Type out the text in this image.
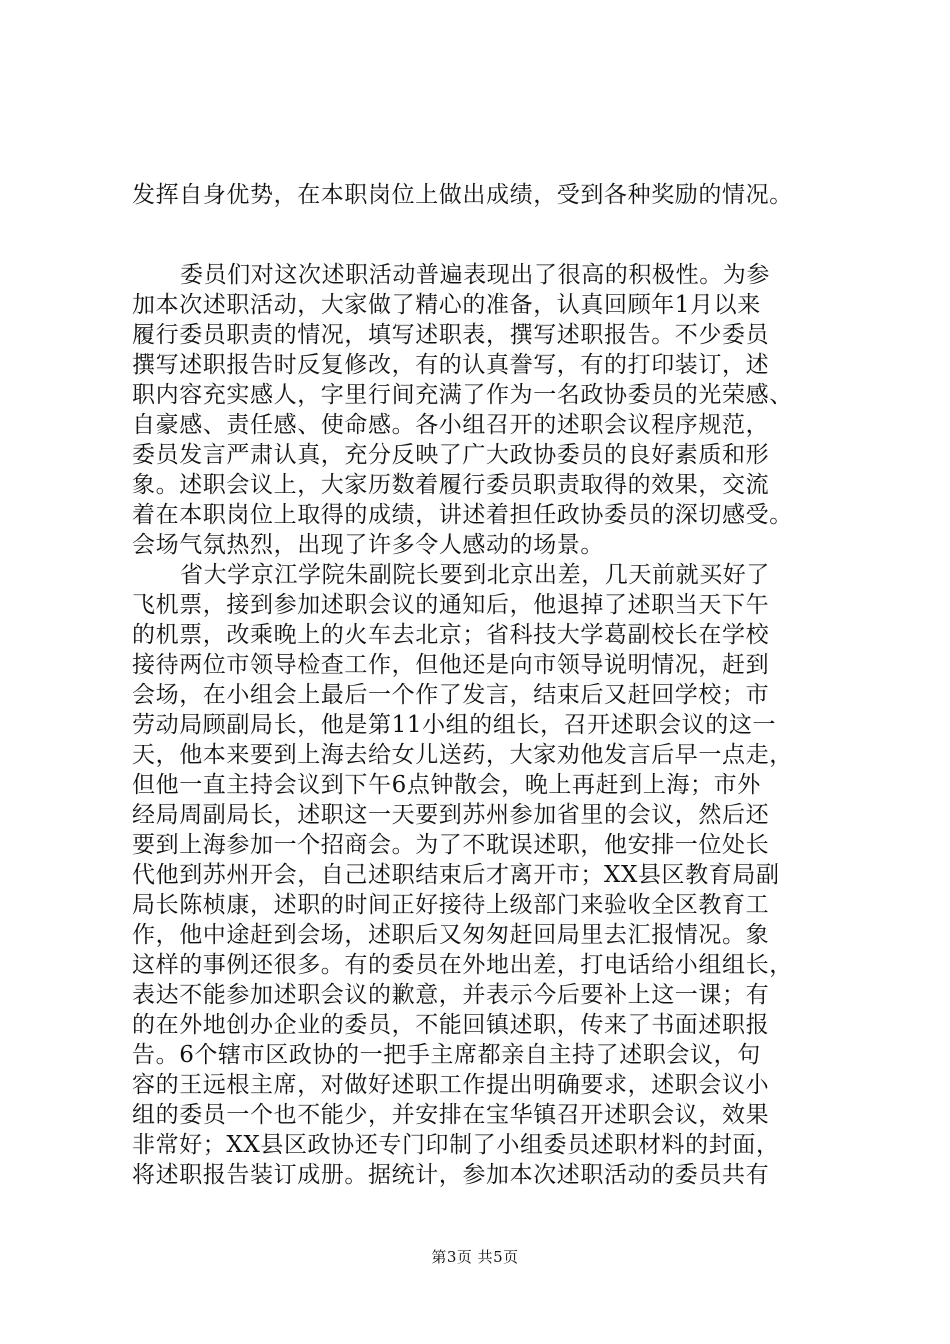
发挥自身优势，在本职岗位上做出成绩，受到各种奖励的情况。
委员们对这次述职活动普遍表现出了很高的积极性。为参
加本次述职活动，大家做了精心的准备，认真回顾年1月以来
履行委员职责的情况，填写述职表，撰写述职报告。不少委员
撰写述职报告时反复修改，有的认真誊写，有的打印装订，述
职内容充实感人，字里行间充满了作为一名政协委员的光荣感、
自豪感、责任感、使命感。各小组召开的述职会议程序规范，
委员发言严肃认真，充分反映了广大政协委员的良好素质和形
象。述职会议上，大家历数着履行委员职责取得的效果，交流
着在本职岗位上取得的成绩，讲述着担任政协委员的深切感受。
会场气氛热烈，出现了许多令人感动的场景。
省大学京江学院朱副院长要到北京出差，几天前就买好了
飞机票，接到参加述职会议的通知后，他退掉了述职当天下午
的机票，改乘晚上的火车去北京；省科技大学葛副校长在学校
接待两位市领导检查工作，但他还是向市领导说明情况，赶到
会场，在小组会上最后一个作了发言，结束后又赶回学校；市
劳动局顾副局长，他是第11小组的组长，召开述职会议的这一
天，他本来要到上海去给女儿送药，大家劝他发言后早一点走，
但他一直主持会议到下午6点钟散会，晚上再赶到上海；市外
经局周副局长，述职这一天要到苏州参加省里的会议，然后还
要到上海参加一个招商会。为了不耽误述职，他安排一位处长
代他到苏州开会，自己述职结束后才离开市；XX县区教育局副
局长陈桢康，述职的时间正好接待上级部门来验收全区教育工
作，他中途赶到会场，述职后又匆匆赶回局里去汇报情况。象
这样的事例还很多。有的委员在外地出差，打电话给小组组长，
表达不能参加述职会议的歉意，并表示今后要补上这一课；有
的在外地创办企业的委员，不能回镇述职，传来了书面述职报
告。6个辖市区政协的一把手主席都亲自主持了述职会议，句
容的王远根主席，对做好述职工作提出明确要求，述职会议小
组的委员一个也不能少，并安排在宝华镇召开述职会议，效果
非常好；XX县区政协还专门印制了小组委员述职材料的封面，
将述职报告装订成册。据统计，参加本次述职活动的委员共有
第3页 共5页
